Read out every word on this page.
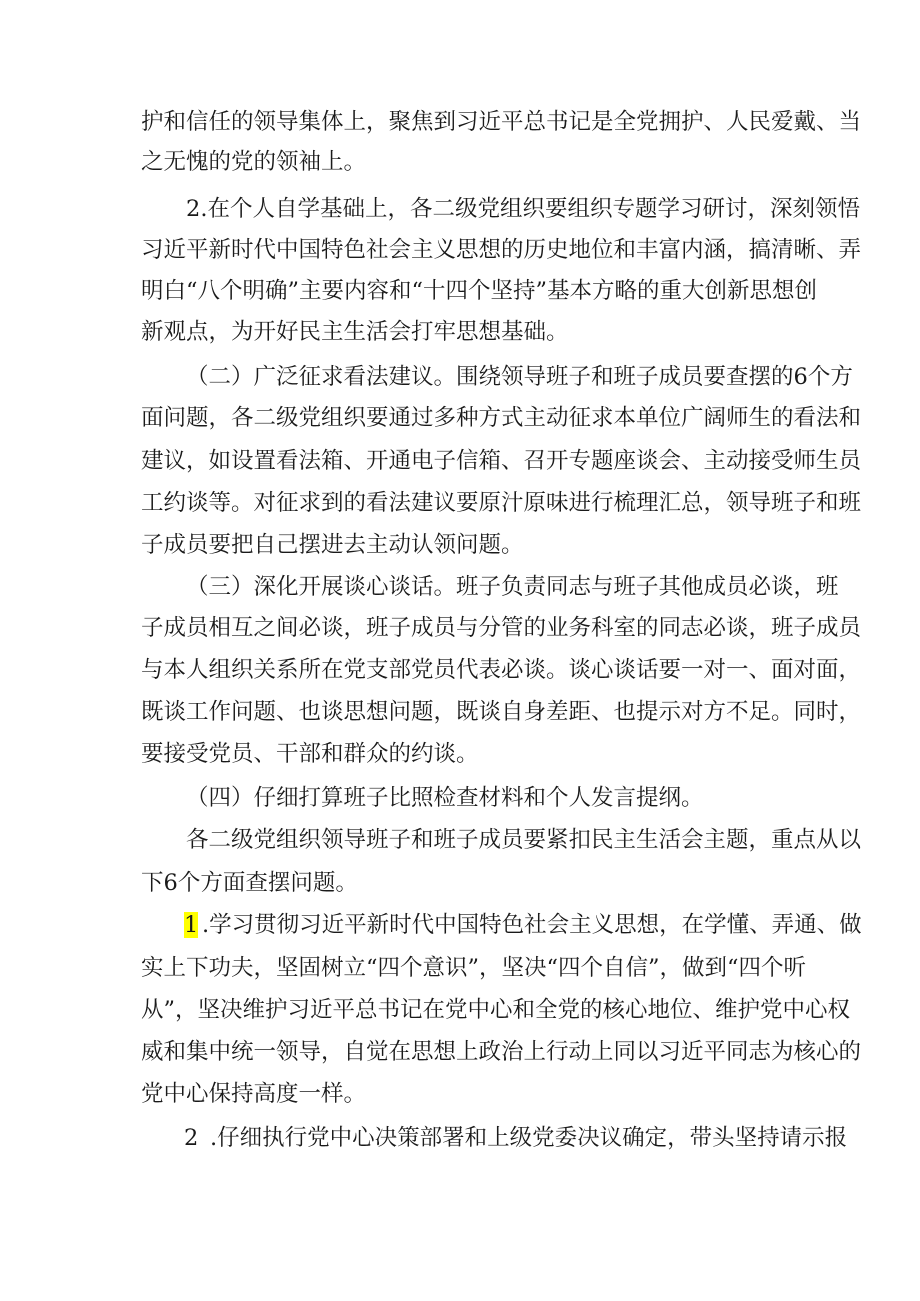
护和信任的领导集体上，聚焦到习近平总书记是全党拥护、人民爱戴、当
之无愧的党的领袖上。
2.在个人自学基础上，各二级党组织要组织专题学习研讨，深刻领悟
习近平新时代中国特色社会主义思想的历史地位和丰富内涵，搞清晰、弄
明白“八个明确”主要内容和“十四个坚持”基本方略的重大创新思想创
新观点，为开好民主生活会打牢思想基础。
（二）广泛征求看法建议。围绕领导班子和班子成员要查摆的6个方
面问题，各二级党组织要通过多种方式主动征求本单位广阔师生的看法和
建议，如设置看法箱、开通电子信箱、召开专题座谈会、主动接受师生员
工约谈等。对征求到的看法建议要原汁原味进行梳理汇总，领导班子和班
子成员要把自己摆进去主动认领问题。
（三）深化开展谈心谈话。班子负责同志与班子其他成员必谈，班
子成员相互之间必谈，班子成员与分管的业务科室的同志必谈，班子成员
与本人组织关系所在党支部党员代表必谈。谈心谈话要一对一、面对面，
既谈工作问题、也谈思想问题，既谈自身差距、也提示对方不足。同时，
要接受党员、干部和群众的约谈。
（四）仔细打算班子比照检查材料和个人发言提纲。
各二级党组织领导班子和班子成员要紧扣民主生活会主题，重点从以
下6个方面查摆问题。
1 .学习贯彻习近平新时代中国特色社会主义思想，在学懂、弄通、做
实上下功夫，坚固树立“四个意识”，坚决“四个自信”，做到“四个听
从”，坚决维护习近平总书记在党中心和全党的核心地位、维护党中心权
威和集中统一领导，自觉在思想上政治上行动上同以习近平同志为核心的
党中心保持高度一样。
2 .仔细执行党中心决策部署和上级党委决议确定，带头坚持请示报
